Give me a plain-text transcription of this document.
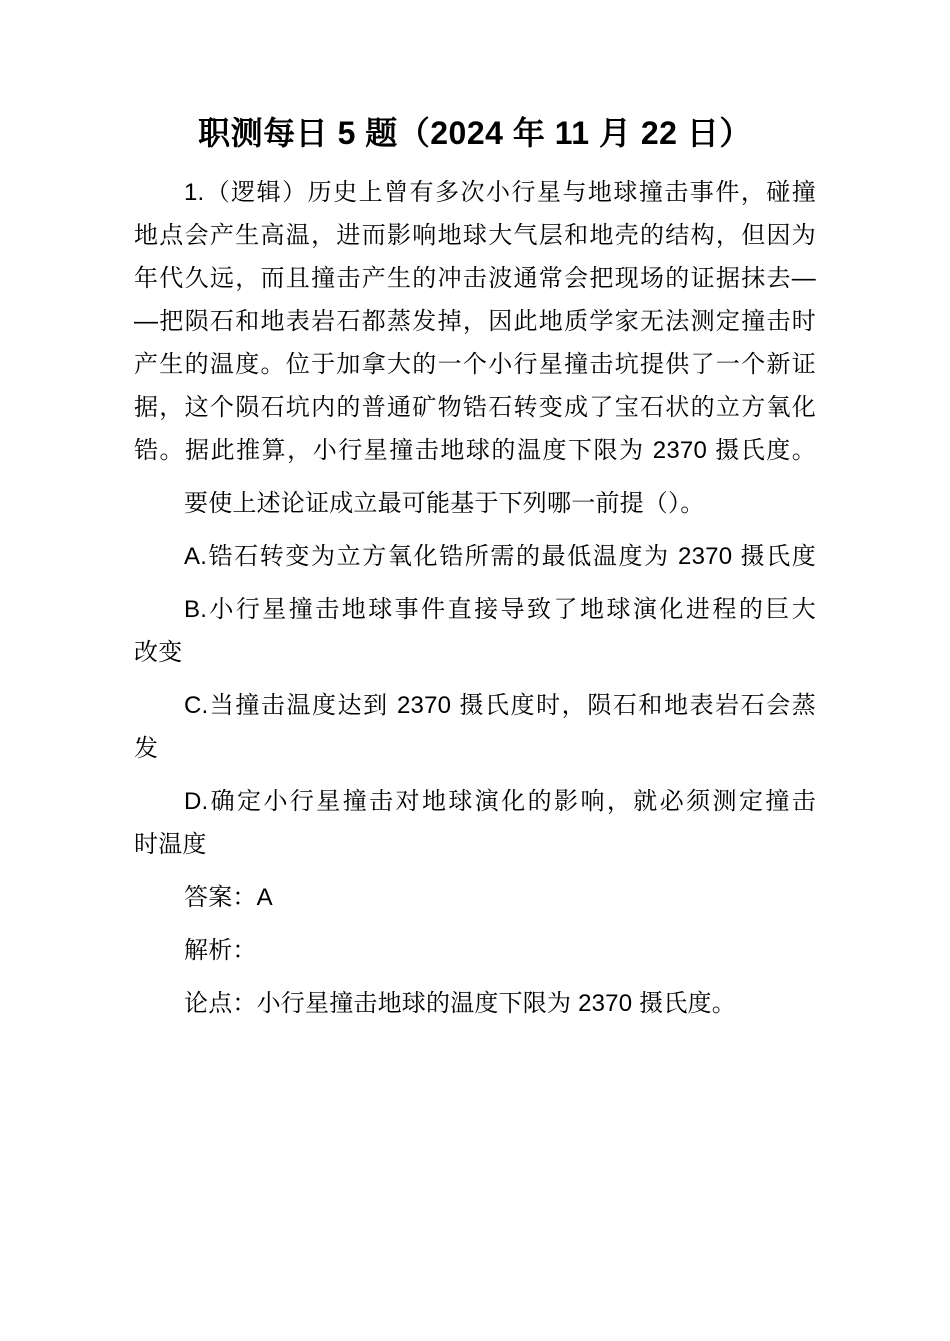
职测每日 5 题（2024 年 11 月 22 日）
1.（逻辑）历史上曾有多次小行星与地球撞击事件，碰撞
地点会产生高温，进而影响地球大气层和地壳的结构，但因为
年代久远，而且撞击产生的冲击波通常会把现场的证据抹去—
—把陨石和地表岩石都蒸发掉，因此地质学家无法测定撞击时
产生的温度。位于加拿大的一个小行星撞击坑提供了一个新证
据，这个陨石坑内的普通矿物锆石转变成了宝石状的立方氧化
锆。据此推算，小行星撞击地球的温度下限为 2370 摄氏度。
要使上述论证成立最可能基于下列哪一前提（）。
A.锆石转变为立方氧化锆所需的最低温度为 2370 摄氏度
B.小行星撞击地球事件直接导致了地球演化进程的巨大
改变
C.当撞击温度达到 2370 摄氏度时，陨石和地表岩石会蒸
发
D.确定小行星撞击对地球演化的影响，就必须测定撞击
时温度
答案：A
解析：
论点：小行星撞击地球的温度下限为 2370 摄氏度。
